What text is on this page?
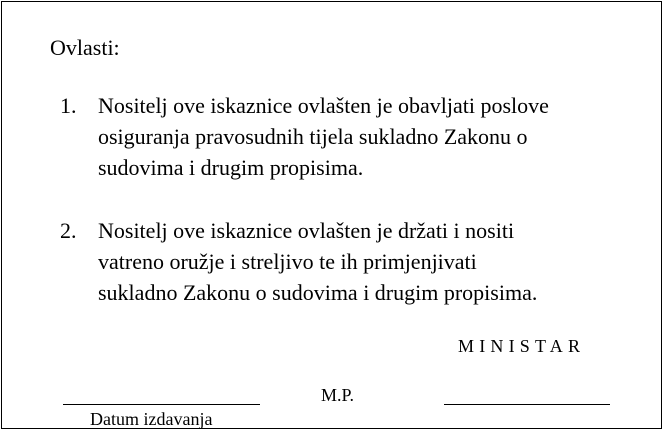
Ovlasti:
1. Nositelj ove iskaznice ovlašten je obavljati poslove
osiguranja pravosudnih tijela sukladno Zakonu o
sudovima i drugim propisima.
2. Nositelj ove iskaznice ovlašten je držati i nositi
vatreno oružje i streljivo te ih primjenjivati
sukladno Zakonu o sudovima i drugim propisima.
MINISTAR
M.P.
Datum izdavanja
